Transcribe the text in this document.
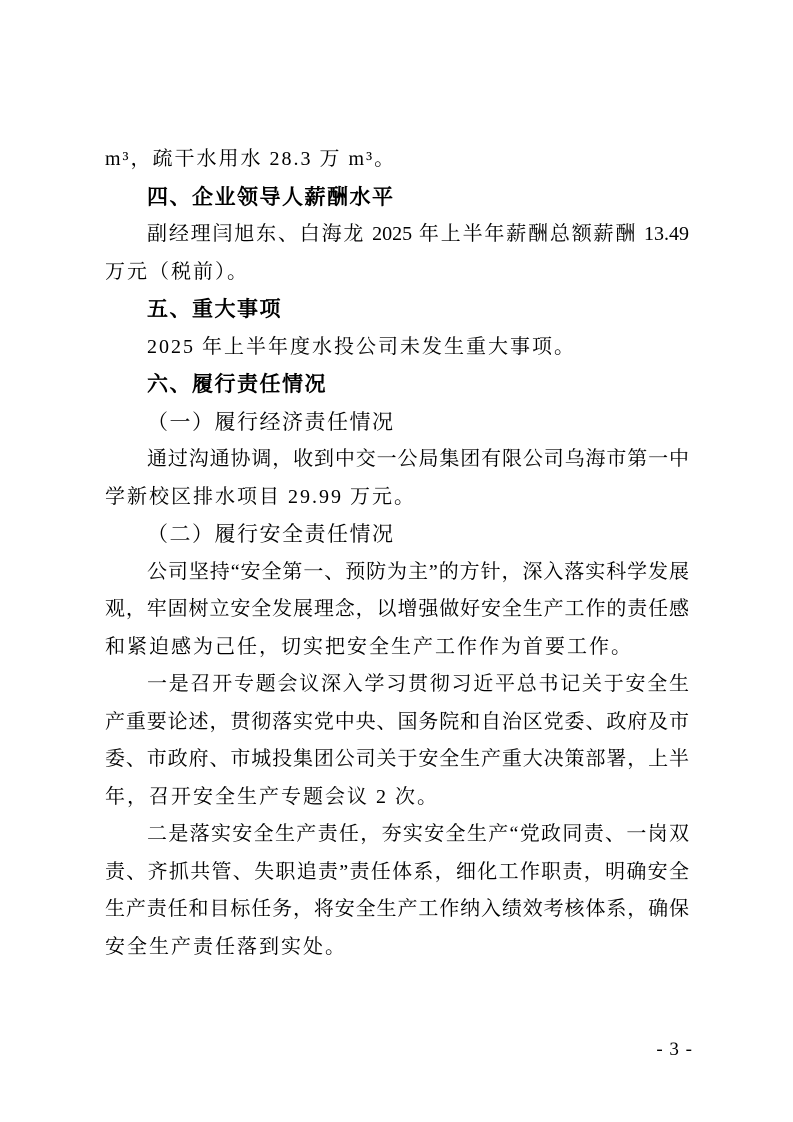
m³，疏干水用水 28.3 万 m³。
四、企业领导人薪酬水平
副经理闫旭东、白海龙 2025 年上半年薪酬总额薪酬 13.49
万元（税前）。
五、重大事项
2025 年上半年度水投公司未发生重大事项。
六、履行责任情况
（一）履行经济责任情况
通过沟通协调，收到中交一公局集团有限公司乌海市第一中
学新校区排水项目 29.99 万元。
（二）履行安全责任情况
公司坚持“安全第一、预防为主”的方针，深入落实科学发展
观，牢固树立安全发展理念，以增强做好安全生产工作的责任感
和紧迫感为己任，切实把安全生产工作作为首要工作。
一是召开专题会议深入学习贯彻习近平总书记关于安全生
产重要论述，贯彻落实党中央、国务院和自治区党委、政府及市
委、市政府、市城投集团公司关于安全生产重大决策部署，上半
年，召开安全生产专题会议 2 次。
二是落实安全生产责任，夯实安全生产“党政同责、一岗双
责、齐抓共管、失职追责”责任体系，细化工作职责，明确安全
生产责任和目标任务，将安全生产工作纳入绩效考核体系，确保
安全生产责任落到实处。
- 3 -
